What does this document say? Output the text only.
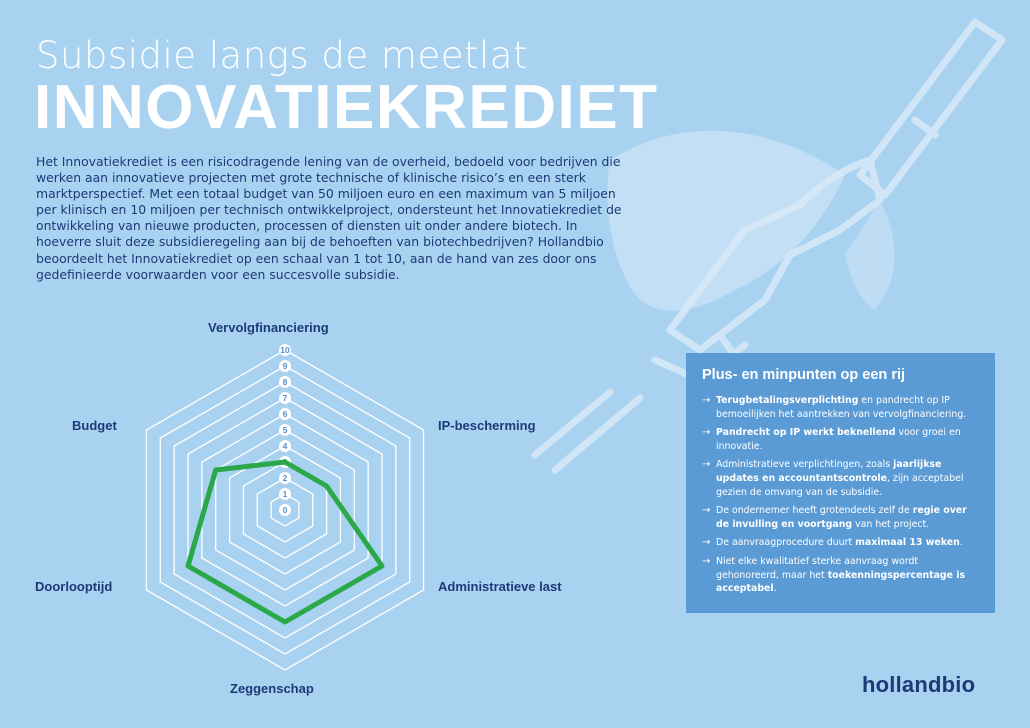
Subsidie langs de meetlat
INNOVATIEKREDIET
Het Innovatiekrediet is een risicodragende lening van de overheid, bedoeld voor bedrijven die werken aan innovatieve projecten met grote technische of klinische risico’s en een sterk marktperspectief. Met een totaal budget van 50 miljoen euro en een maximum van 5 miljoen per klinisch en 10 miljoen per technisch ontwikkelproject, ondersteunt het Innovatiekrediet de ontwikkeling van nieuwe producten, processen of diensten uit onder andere biotech. In hoeverre sluit deze subsidieregeling aan bij de behoeften van biotechbedrijven? Hollandbio beoordeelt het Innovatiekrediet op een schaal van 1 tot 10, aan de hand van zes door ons gedefinieerde voorwaarden voor een succesvolle subsidie.
0
1
2
3
4
5
6
7
8
9
10
Vervolgfinanciering
IP-bescherming
Administratieve last
Zeggenschap
Doorlooptijd
Budget
Plus- en minpunten op een rij
→ Terugbetalingsverplichting en pandrecht op IP bemoeilijken het aantrekken van vervolgfinanciering.
→ Pandrecht op IP werkt beknellend voor groei en innovatie.
→ Administratieve verplichtingen, zoals jaarlijkse updates en accountantscontrole, zijn acceptabel gezien de omvang van de subsidie.
→ De ondernemer heeft grotendeels zelf de regie over de invulling en voortgang van het project.
→ De aanvraagprocedure duurt maximaal 13 weken.
→ Niet elke kwalitatief sterke aanvraag wordt gehonoreerd, maar het toekenningspercentage is acceptabel.
hollandbio
